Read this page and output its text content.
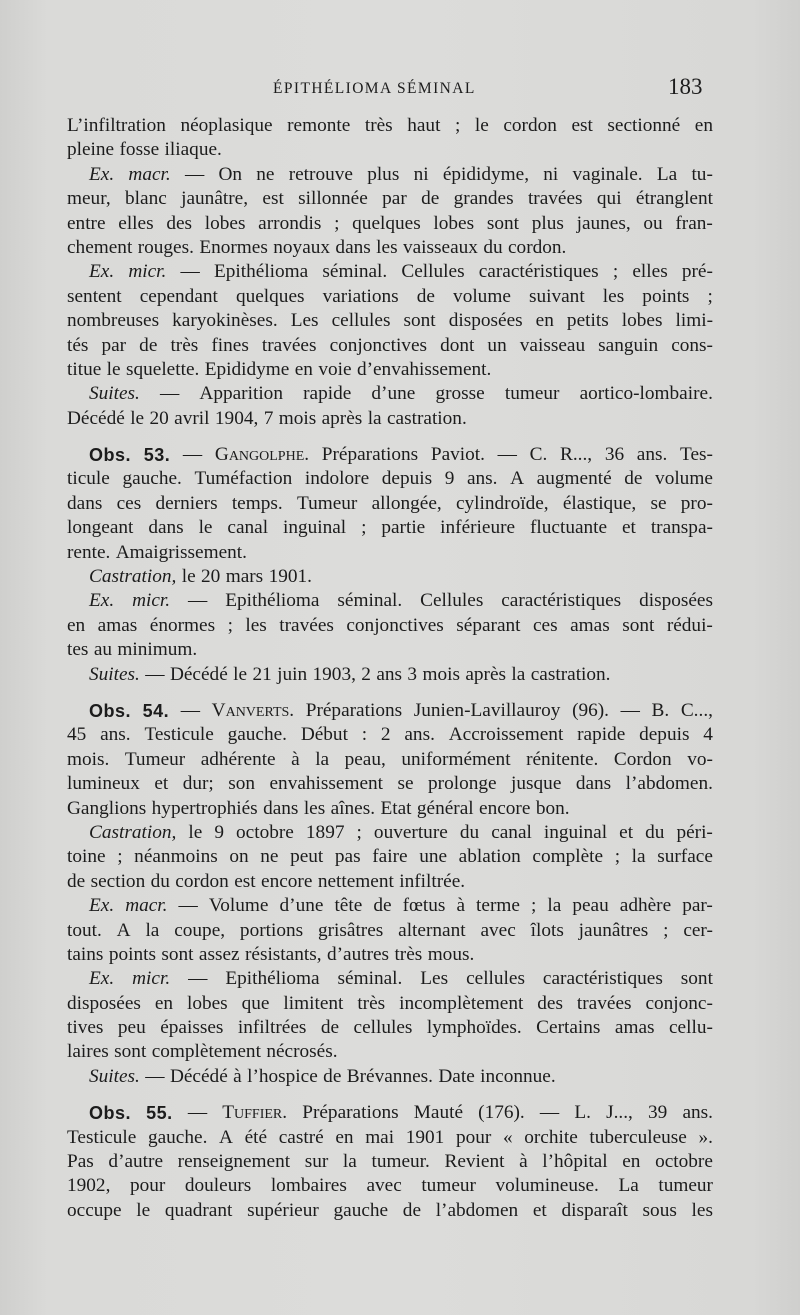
ÉPITHÉLIOMA SÉMINAL	183
L’infiltration néoplasique remonte très haut ; le cordon est sectionné en
pleine fosse iliaque.
Ex. macr. — On ne retrouve plus ni épididyme, ni vaginale. La tu-
meur, blanc jaunâtre, est sillonnée par de grandes travées qui étranglent
entre elles des lobes arrondis ; quelques lobes sont plus jaunes, ou fran-
chement rouges. Enormes noyaux dans les vaisseaux du cordon.
Ex. micr. — Epithélioma séminal. Cellules caractéristiques ; elles pré-
sentent cependant quelques variations de volume suivant les points ;
nombreuses karyokinèses. Les cellules sont disposées en petits lobes limi-
tés par de très fines travées conjonctives dont un vaisseau sanguin cons-
titue le squelette. Epididyme en voie d’envahissement.
Suites. — Apparition rapide d’une grosse tumeur aortico-lombaire.
Décédé le 20 avril 1904, 7 mois après la castration.
Obs. 53. — Gangolphe. Préparations Paviot. — C. R..., 36 ans. Tes-
ticule gauche. Tuméfaction indolore depuis 9 ans. A augmenté de volume
dans ces derniers temps. Tumeur allongée, cylindroïde, élastique, se pro-
longeant dans le canal inguinal ; partie inférieure fluctuante et transpa-
rente. Amaigrissement.
Castration, le 20 mars 1901.
Ex. micr. — Epithélioma séminal. Cellules caractéristiques disposées
en amas énormes ; les travées conjonctives séparant ces amas sont rédui-
tes au minimum.
Suites. — Décédé le 21 juin 1903, 2 ans 3 mois après la castration.
Obs. 54. — Vanverts. Préparations Junien-Lavillauroy (96). — B. C...,
45 ans. Testicule gauche. Début : 2 ans. Accroissement rapide depuis 4
mois. Tumeur adhérente à la peau, uniformément rénitente. Cordon vo-
lumineux et dur; son envahissement se prolonge jusque dans l’abdomen.
Ganglions hypertrophiés dans les aînes. Etat général encore bon.
Castration, le 9 octobre 1897 ; ouverture du canal inguinal et du péri-
toine ; néanmoins on ne peut pas faire une ablation complète ; la surface
de section du cordon est encore nettement infiltrée.
Ex. macr. — Volume d’une tête de fœtus à terme ; la peau adhère par-
tout. A la coupe, portions grisâtres alternant avec îlots jaunâtres ; cer-
tains points sont assez résistants, d’autres très mous.
Ex. micr. — Epithélioma séminal. Les cellules caractéristiques sont
disposées en lobes que limitent très incomplètement des travées conjonc-
tives peu épaisses infiltrées de cellules lymphoïdes. Certains amas cellu-
laires sont complètement nécrosés.
Suites. — Décédé à l’hospice de Brévannes. Date inconnue.
Obs. 55. — Tuffier. Préparations Mauté (176). — L. J..., 39 ans.
Testicule gauche. A été castré en mai 1901 pour « orchite tuberculeuse ».
Pas d’autre renseignement sur la tumeur. Revient à l’hôpital en octobre
1902, pour douleurs lombaires avec tumeur volumineuse. La tumeur
occupe le quadrant supérieur gauche de l’abdomen et disparaît sous les
